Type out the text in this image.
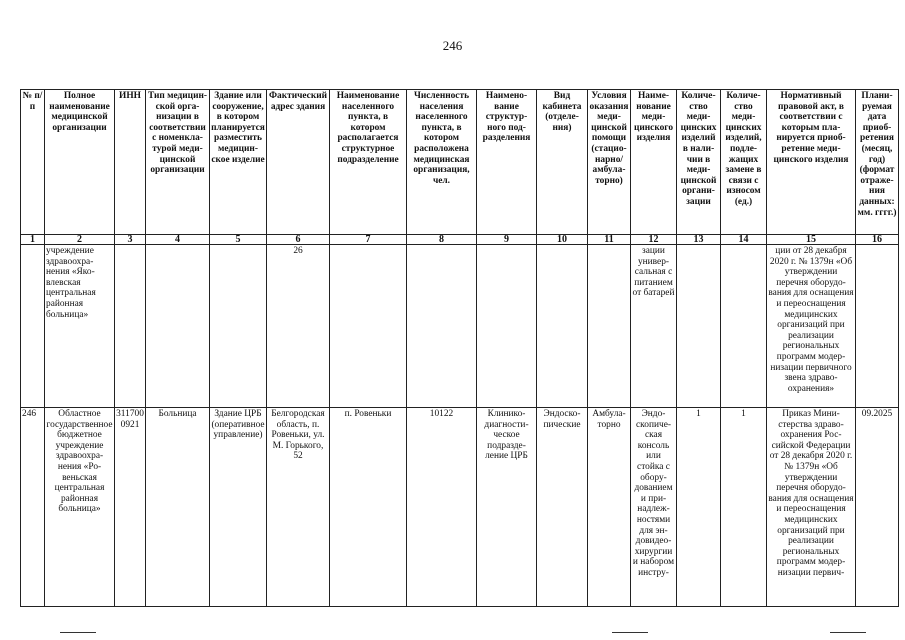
246
№ п/п	Полное наименование медицинской организации	ИНН	Тип медицинской организации в соответствии с номенклатурой медицинской организации	Здание или сооружение, в котором планируется разместить медицинское изделие	Фактический адрес здания	Наименование населенного пункта, в котором располагается структурное подразделение	Численность населения населенного пункта, в котором расположена медицинская организация, чел.	Наименование структурного подразделения	Вид кабинета (отделения)	Условия оказания медицинской помощи (стационарно/ амбулаторно)	Наименование медицинского изделия	Количество медицинских изделий в наличии в медицинской организации	Количество медицинских изделий, подлежащих замене в связи с износом (ед.)	Нормативный правовой акт, в соответствии с которым планируется приобретение медицинского изделия	Планируемая дата приобретения (месяц, год) (формат отражения данных: мм. гггг.)
1	2	3	4	5	6	7	8	9	10	11	12	13	14	15	16
	учреждение здравоохранения «Яковлевская центральная районная больница»				26						зации универсальная с питанием от батарей			ции от 28 декабря 2020 г. № 1379н «Об утверждении перечня оборудования для оснащения и переоснащения медицинских организаций при реализации региональных программ модернизации первичного звена здравоохранения»	
246	Областное государственное бюджетное учреждение здравоохранения «Ровеньская центральная районная больница»	311700 0921	Больница	Здание ЦРБ (оперативное управление)	Белгородская область, п. Ровеньки, ул. М. Горького, 52	п. Ровеньки	10122	Клинико-диагностическое подразделение ЦРБ	Эндоскопические	Амбулаторно	Эндоскопическая консоль или стойка с оборудованием и принадлежностями для эндовидеохирургии и набором инстру-	1	1	Приказ Министерства здравоохранения Российской Федерации от 28 декабря 2020 г. № 1379н «Об утверждении перечня оборудования для оснащения и переоснащения медицинских организаций при реализации региональных программ модернизации первич-	09.2025
